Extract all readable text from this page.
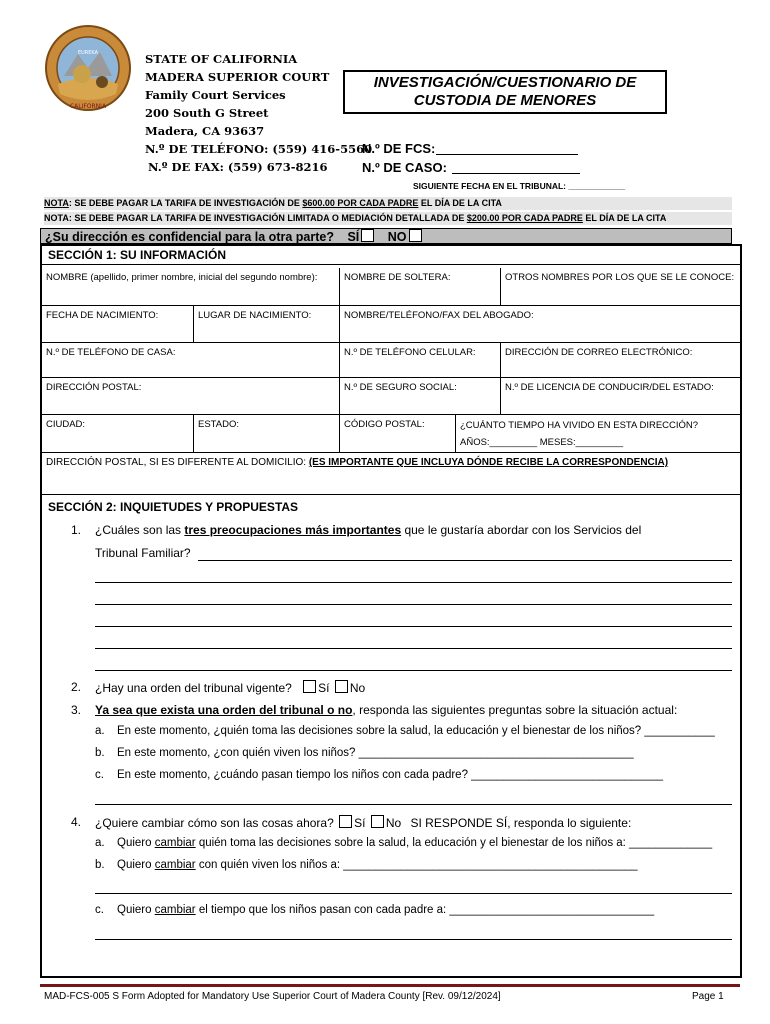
EUREKA
CALIFORNIA
STATE OF CALIFORNIA
MADERA SUPERIOR COURT
Family Court Services
200 South G Street
Madera, CA 93637
N.º DE TELÉFONO: (559) 416-5560
N.º DE FAX: (559) 673-8216
INVESTIGACIÓN/CUESTIONARIO DE
CUSTODIA DE MENORES
N.º DE FCS:
N.º DE CASO:
SIGUIENTE FECHA EN EL TRIBUNAL: ____________
NOTA: SE DEBE PAGAR LA TARIFA DE INVESTIGACIÓN DE $600.00 POR CADA PADRE EL DÍA DE LA CITA
NOTA: SE DEBE PAGAR LA TARIFA DE INVESTIGACIÓN LIMITADA O MEDIACIÓN DETALLADA DE $200.00 POR CADA PADRE EL DÍA DE LA CITA
¿Su dirección es confidencial para la otra parte? SÍ NO
SECCIÓN 1: SU INFORMACIÓN
NOMBRE (apellido, primer nombre, inicial del segundo nombre):	NOMBRE DE SOLTERA:	OTROS NOMBRES POR LOS QUE SE LE CONOCE:
FECHA DE NACIMIENTO:	LUGAR DE NACIMIENTO:	NOMBRE/TELÉFONO/FAX DEL ABOGADO:
N.º DE TELÉFONO DE CASA:	N.º DE TELÉFONO CELULAR:	DIRECCIÓN DE CORREO ELECTRÓNICO:
DIRECCIÓN POSTAL:	N.º DE SEGURO SOCIAL:	N.º DE LICENCIA DE CONDUCIR/DEL ESTADO:
CIUDAD:	ESTADO:	CÓDIGO POSTAL:	¿CUÁNTO TIEMPO HA VIVIDO EN ESTA DIRECCIÓN?
AÑOS:_________ MESES:_________
DIRECCIÓN POSTAL, SI ES DIFERENTE AL DOMICILIO: (ES IMPORTANTE QUE INCLUYA DÓNDE RECIBE LA CORRESPONDENCIA)
SECCIÓN 2: INQUIETUDES Y PROPUESTAS
1. ¿Cuáles son las tres preocupaciones más importantes que le gustaría abordar con los Servicios del
Tribunal Familiar?
2. ¿Hay una orden del tribunal vigente? Sí No
3. Ya sea que exista una orden del tribunal o no, responda las siguientes preguntas sobre la situación actual:
a. En este momento, ¿quién toma las decisiones sobre la salud, la educación y el bienestar de los niños? ___________
b. En este momento, ¿con quién viven los niños? ___________________________________________
c. En este momento, ¿cuándo pasan tiempo los niños con cada padre? ______________________________
4. ¿Quiere cambiar cómo son las cosas ahora? Sí No SI RESPONDE SÍ, responda lo siguiente:
a. Quiero cambiar quién toma las decisiones sobre la salud, la educación y el bienestar de los niños a: _____________
b. Quiero cambiar con quién viven los niños a: ______________________________________________
c. Quiero cambiar el tiempo que los niños pasan con cada padre a: ________________________________
MAD-FCS-005 S Form Adopted for Mandatory Use Superior Court of Madera County [Rev. 09/12/2024]	Page 1
